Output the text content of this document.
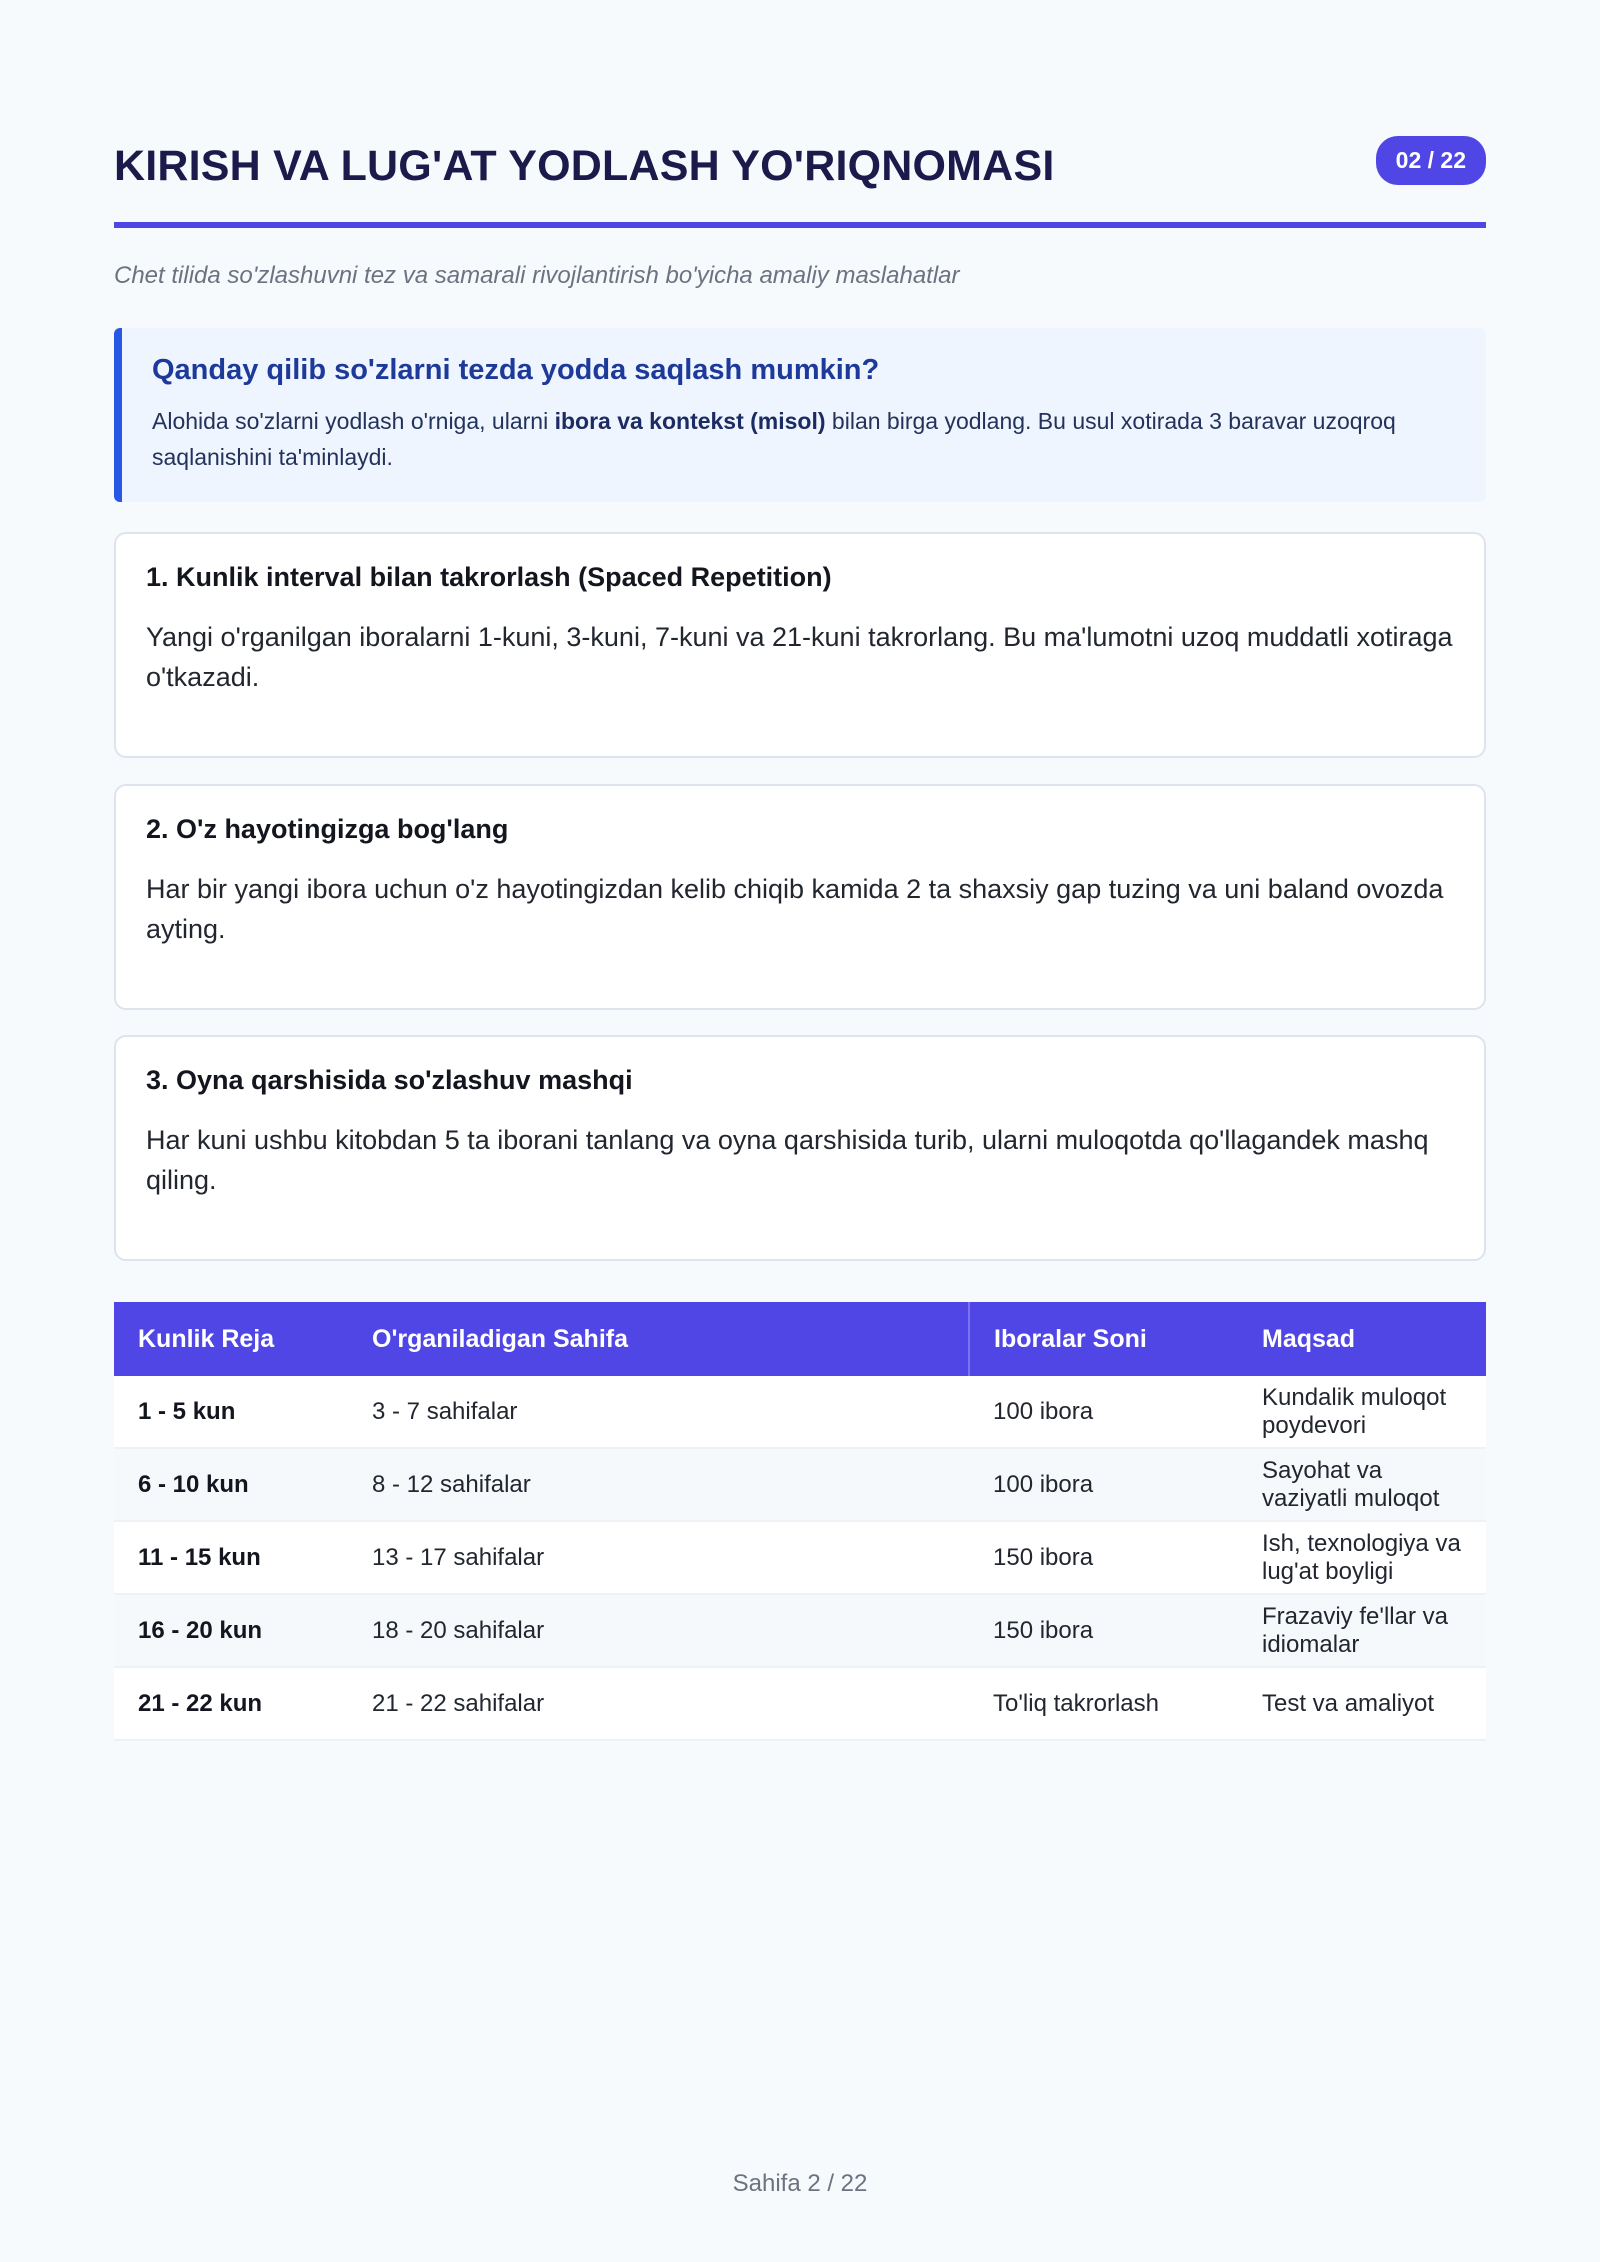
KIRISH VA LUG'AT YODLASH YO'RIQNOMASI	02 / 22
Chet tilida so'zlashuvni tez va samarali rivojlantirish bo'yicha amaliy maslahatlar
Qanday qilib so'zlarni tezda yodda saqlash mumkin?
Alohida so'zlarni yodlash o'rniga, ularni ibora va kontekst (misol) bilan birga yodlang. Bu usul xotirada 3 baravar uzoqroq saqlanishini ta'minlaydi.
1. Kunlik interval bilan takrorlash (Spaced Repetition)
Yangi o'rganilgan iboralarni 1-kuni, 3-kuni, 7-kuni va 21-kuni takrorlang. Bu ma'lumotni uzoq muddatli xotiraga o'tkazadi.
2. O'z hayotingizga bog'lang
Har bir yangi ibora uchun o'z hayotingizdan kelib chiqib kamida 2 ta shaxsiy gap tuzing va uni baland ovozda ayting.
3. Oyna qarshisida so'zlashuv mashqi
Har kuni ushbu kitobdan 5 ta iborani tanlang va oyna qarshisida turib, ularni muloqotda qo'llagandek mashq qiling.
Kunlik Reja	O'rganiladigan Sahifa	Iboralar Soni	Maqsad
1 - 5 kun	3 - 7 sahifalar	100 ibora	Kundalik muloqot poydevori
6 - 10 kun	8 - 12 sahifalar	100 ibora	Sayohat va vaziyatli muloqot
11 - 15 kun	13 - 17 sahifalar	150 ibora	Ish, texnologiya va lug'at boyligi
16 - 20 kun	18 - 20 sahifalar	150 ibora	Frazaviy fe'llar va idiomalar
21 - 22 kun	21 - 22 sahifalar	To'liq takrorlash	Test va amaliyot
Sahifa 2 / 22
